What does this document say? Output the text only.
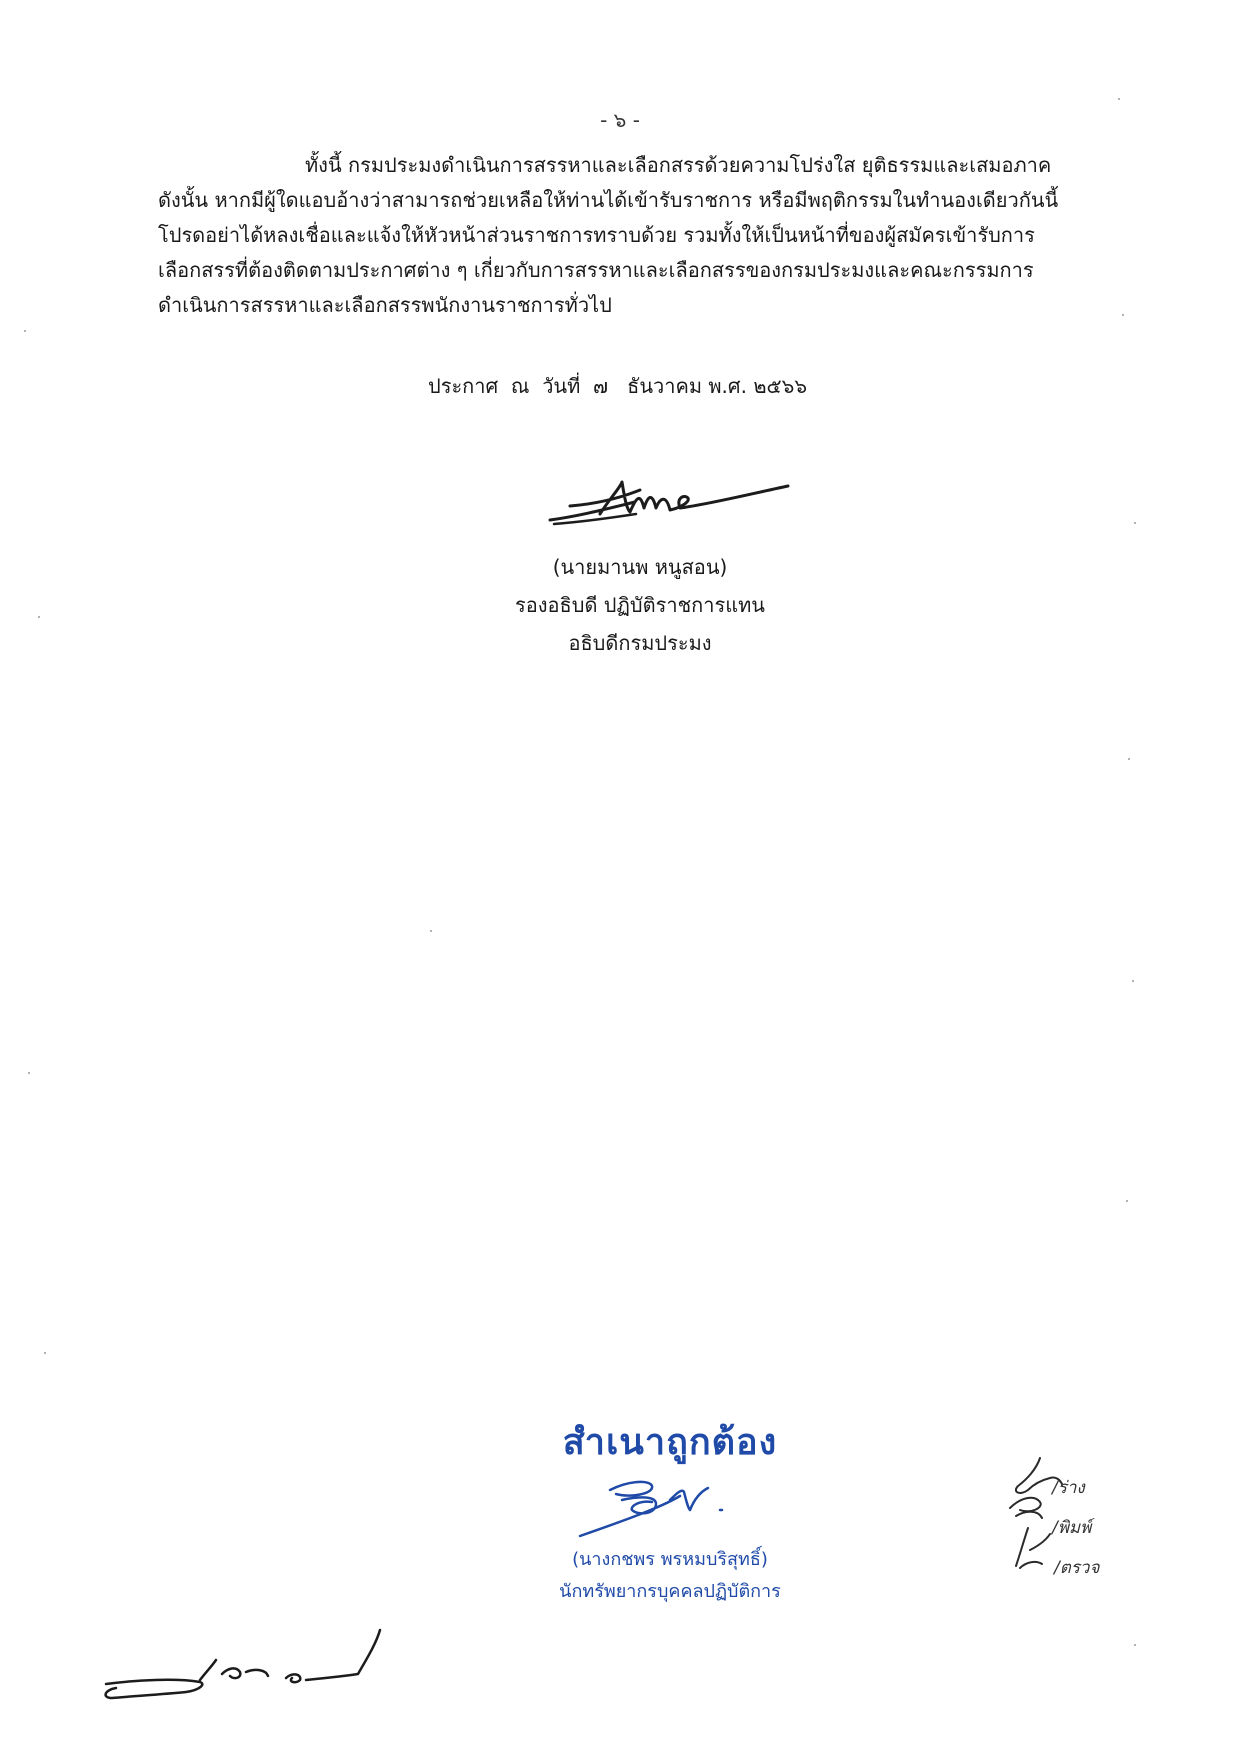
- ๖ -
ทั้งนี้ กรมประมงดำเนินการสรรหาและเลือกสรรด้วยความโปร่งใส ยุติธรรมและเสมอภาค
ดังนั้น หากมีผู้ใดแอบอ้างว่าสามารถช่วยเหลือให้ท่านได้เข้ารับราชการ หรือมีพฤติกรรมในทำนองเดียวกันนี้
โปรดอย่าได้หลงเชื่อและแจ้งให้หัวหน้าส่วนราชการทราบด้วย รวมทั้งให้เป็นหน้าที่ของผู้สมัครเข้ารับการ
เลือกสรรที่ต้องติดตามประกาศต่าง ๆ เกี่ยวกับการสรรหาและเลือกสรรของกรมประมงและคณะกรรมการ
ดำเนินการสรรหาและเลือกสรรพนักงานราชการทั่วไป
ประกาศ  ณ  วันที่  ๗   ธันวาคม พ.ศ. ๒๕๖๖
(นายมานพ หนูสอน)
รองอธิบดี ปฏิบัติราชการแทน
อธิบดีกรมประมง
สำเนาถูกต้อง
(นางกชพร พรหมบริสุทธิ์)
นักทรัพยากรบุคคลปฏิบัติการ
/ร่าง
/พิมพ์
/ตรวจ
